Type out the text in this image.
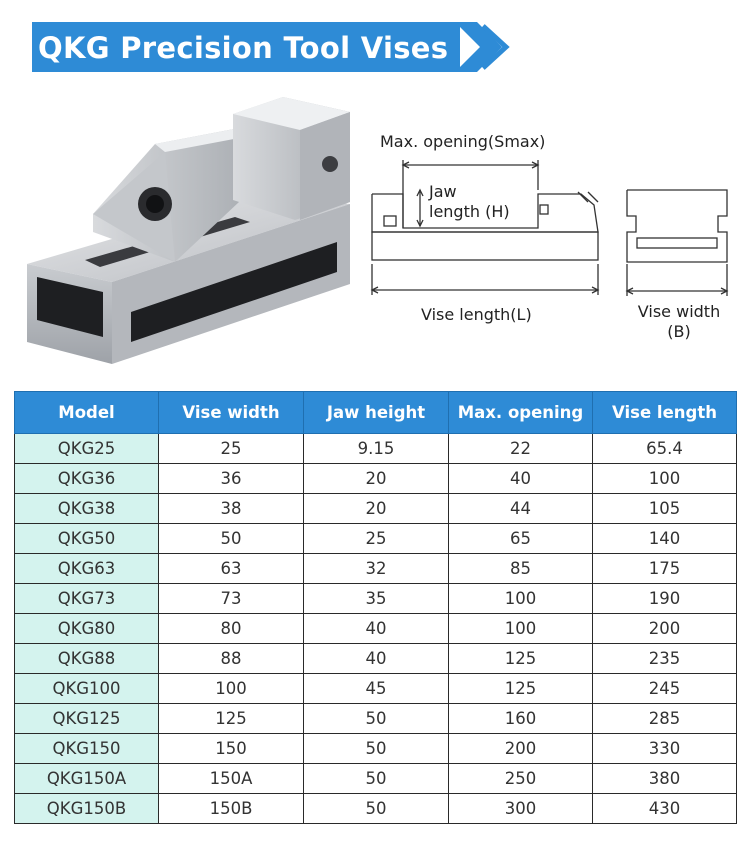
QKG Precision Tool Vises
Max. opening(Smax)
Jaw
length (H)
Vise length(L)	Vise width
(B)
Model	Vise width	Jaw height	Max. opening	Vise length
QKG25	25	9.15	22	65.4
QKG36	36	20	40	100
QKG38	38	20	44	105
QKG50	50	25	65	140
QKG63	63	32	85	175
QKG73	73	35	100	190
QKG80	80	40	100	200
QKG88	88	40	125	235
QKG100	100	45	125	245
QKG125	125	50	160	285
QKG150	150	50	200	330
QKG150A	150A	50	250	380
QKG150B	150B	50	300	430
